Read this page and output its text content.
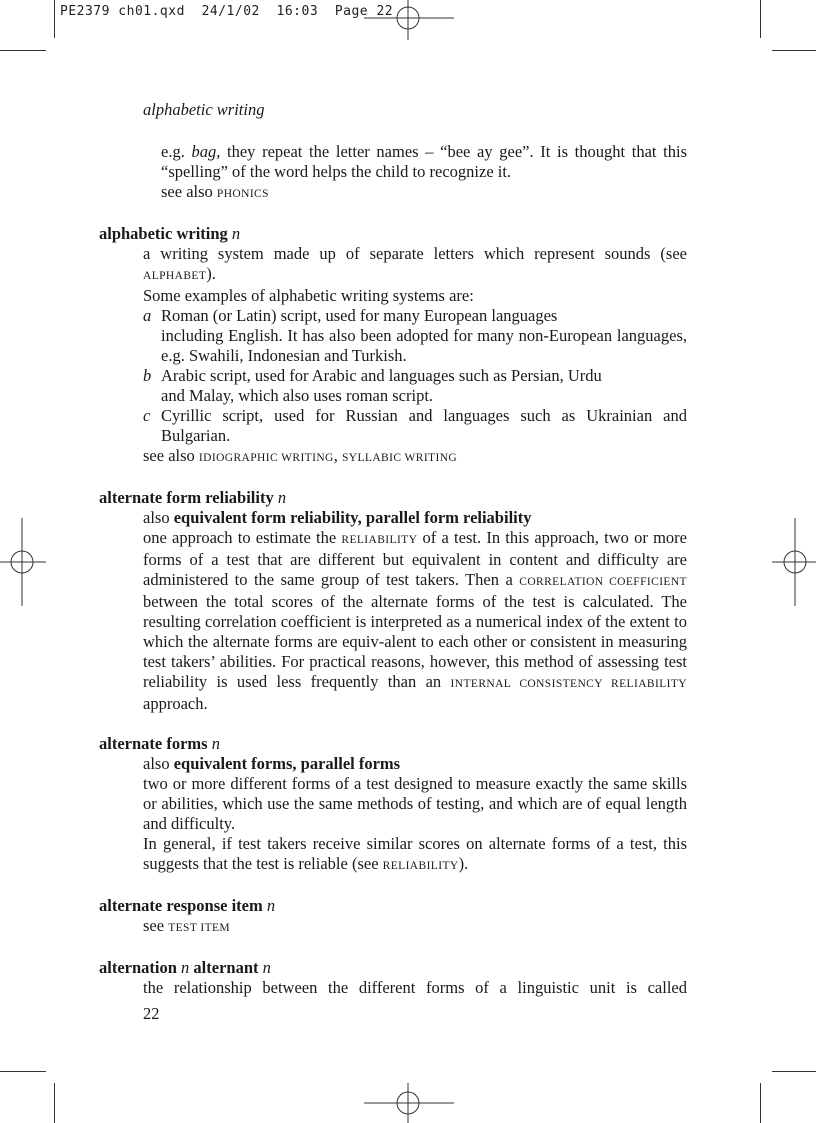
PE2379 ch01.qxd 24/1/02 16:03 Page 22
alphabetic writing
e.g. bag, they repeat the letter names – “bee ay gee”. It is thought that this “spelling” of the word helps the child to recognize it.
see also PHONICS
alphabetic writing n
a writing system made up of separate letters which represent sounds (see ALPHABET).
Some examples of alphabetic writing systems are:
a Roman (or Latin) script, used for many European languages
including English. It has also been adopted for many non-European languages, e.g. Swahili, Indonesian and Turkish.
b Arabic script, used for Arabic and languages such as Persian, Urdu
and Malay, which also uses roman script.
c Cyrillic script, used for Russian and languages such as Ukrainian and Bulgarian.
see also IDIOGRAPHIC WRITING, SYLLABIC WRITING
alternate form reliability n
also equivalent form reliability, parallel form reliability
one approach to estimate the RELIABILITY of a test. In this approach, two or more forms of a test that are different but equivalent in content and difficulty are administered to the same group of test takers. Then a CORRELATION COEFFICIENT between the total scores of the alternate forms of the test is calculated. The resulting correlation coefficient is interpreted as a numerical index of the extent to which the alternate forms are equiv-alent to each other or consistent in measuring test takers’ abilities. For practical reasons, however, this method of assessing test reliability is used less frequently than an INTERNAL CONSISTENCY RELIABILITY approach.
alternate forms n
also equivalent forms, parallel forms
two or more different forms of a test designed to measure exactly the same skills or abilities, which use the same methods of testing, and which are of equal length and difficulty.
In general, if test takers receive similar scores on alternate forms of a test, this suggests that the test is reliable (see RELIABILITY).
alternate response item n
see TEST ITEM
alternation n alternant n
the relationship between the different forms of a linguistic unit is called
22
